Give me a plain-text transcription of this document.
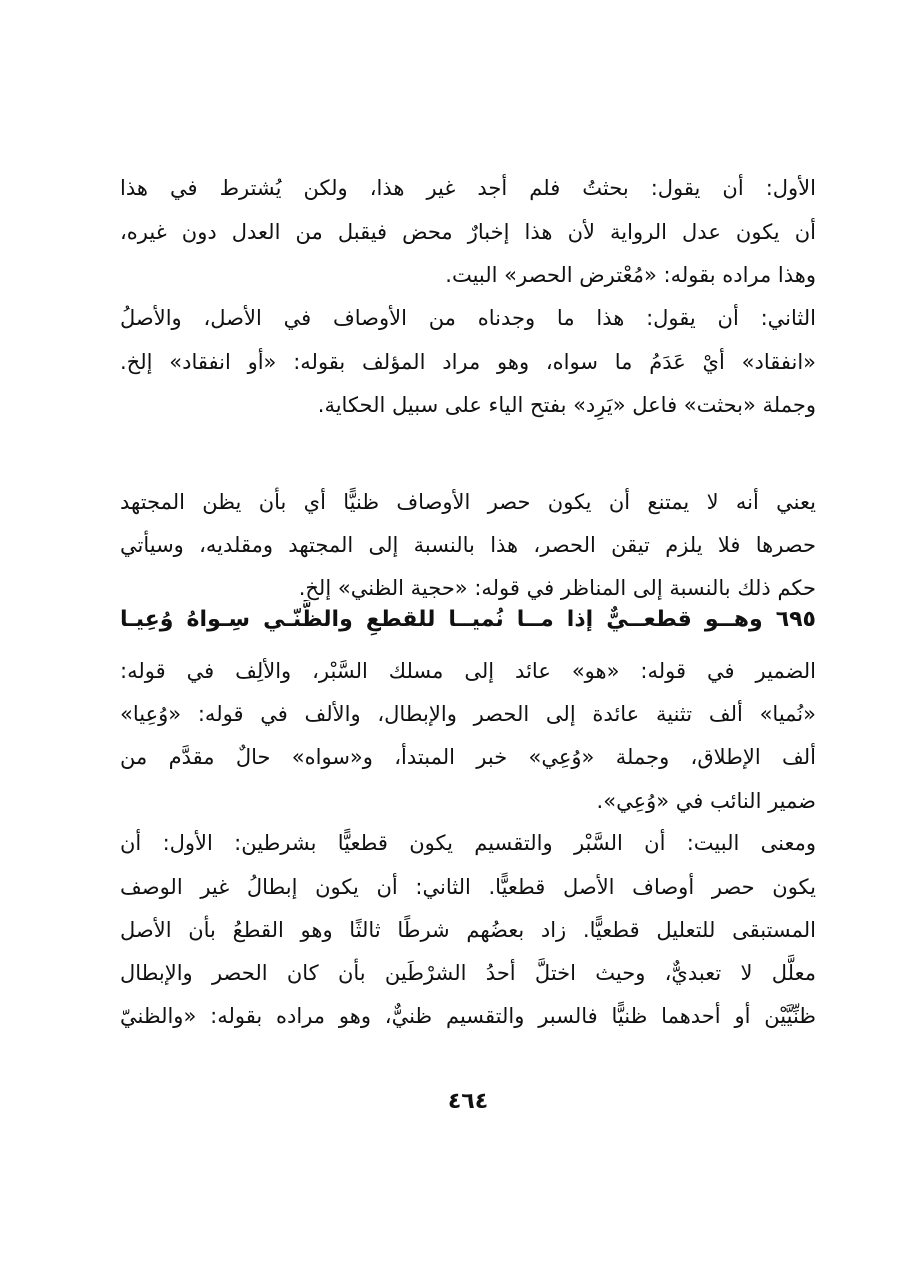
الأول: أن يقول: بحثتُ فلم أجد غير هذا، ولكن يُشترط في هذا
أن يكون عدل الرواية لأن هذا إخبارٌ محض فيقبل من العدل دون غيره،
وهذا مراده بقوله: «مُعْترض الحصر» البيت.
الثاني: أن يقول: هذا ما وجدناه من الأوصاف في الأصل، والأصلُ
«انفقاد» أيْ عَدَمُ ما سواه، وهو مراد المؤلف بقوله: «أو انفقاد» إلخ.
وجملة «بحثت» فاعل «يَرِد» بفتح الياء على سبيل الحكاية.
يعني أنه لا يمتنع أن يكون حصر الأوصاف ظنيًّا أي بأن يظن المجتهد
حصرها فلا يلزم تيقن الحصر، هذا بالنسبة إلى المجتهد ومقلديه، وسيأتي
حكم ذلك بالنسبة إلى المناظر في قوله: «حجية الظني» إلخ.
٦٩٥ وهــو قطعــيٌّ إذا مــا نُميــا للقطعِ والظَّنّـي سِـواهُ وُعِيـا
الضمير في قوله: «هو» عائد إلى مسلك السَّبْر، والألِف في قوله:
«نُميا» ألف تثنية عائدة إلى الحصر والإبطال، والألف في قوله: «وُعِيا»
ألف الإطلاق، وجملة «وُعِي» خبر المبتدأ، و«سواه» حالٌ مقدَّم من
ضمير النائب في «وُعِي».
ومعنى البيت: أن السَّبْر والتقسيم يكون قطعيًّا بشرطين: الأول: أن
يكون حصر أوصاف الأصل قطعيًّا. الثاني: أن يكون إبطالُ غير الوصف
المستبقى للتعليل قطعيًّا. زاد بعضُهم شرطًا ثالثًا وهو القطعُ بأن الأصل
معلَّل لا تعبديٌّ، وحيث اختلَّ أحدُ الشرْطَين بأن كان الحصر والإبطال
ظنِّيَّيْن أو أحدهما ظنيًّا فالسبر والتقسيم ظنيٌّ، وهو مراده بقوله: «والظنيّ
٤٦٤
